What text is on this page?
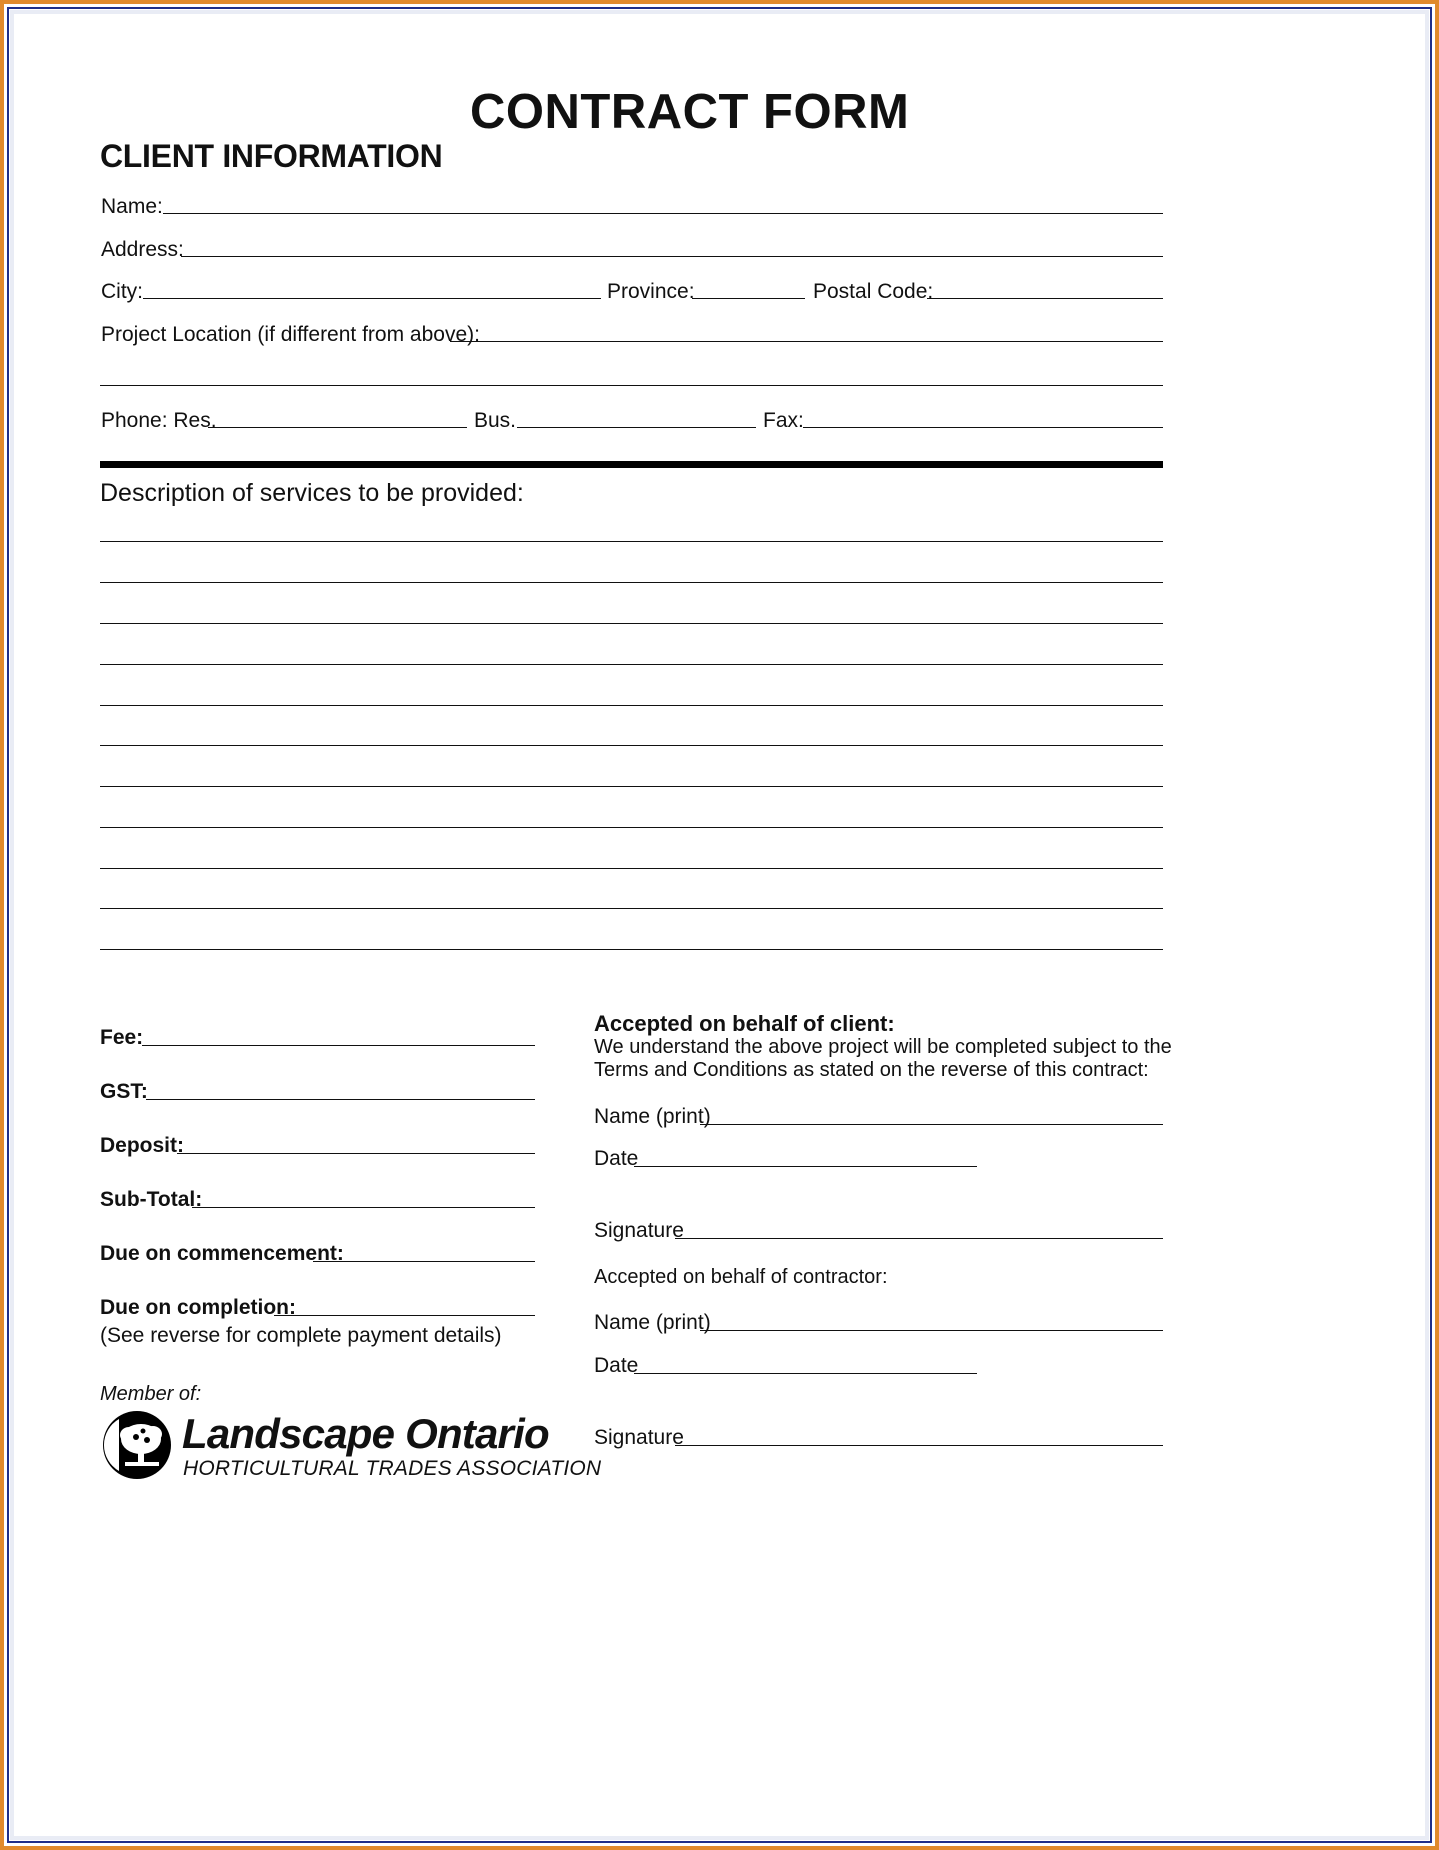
CONTRACT FORM
CLIENT INFORMATION
Name:
Address:
City:	Province:	Postal Code:
Project Location (if different from above):
Phone: Res.	Bus.	Fax:
Description of services to be provided:
Fee:
GST:
Deposit:
Sub-Total:
Due on commencement:
Due on completion:
(See reverse for complete payment details)
Member of:
Landscape Ontario
HORTICULTURAL TRADES ASSOCIATION
Accepted on behalf of client:
We understand the above project will be completed subject to the
Terms and Conditions as stated on the reverse of this contract:
Name (print)
Date
Signature
Accepted on behalf of contractor:
Name (print)
Date
Signature
